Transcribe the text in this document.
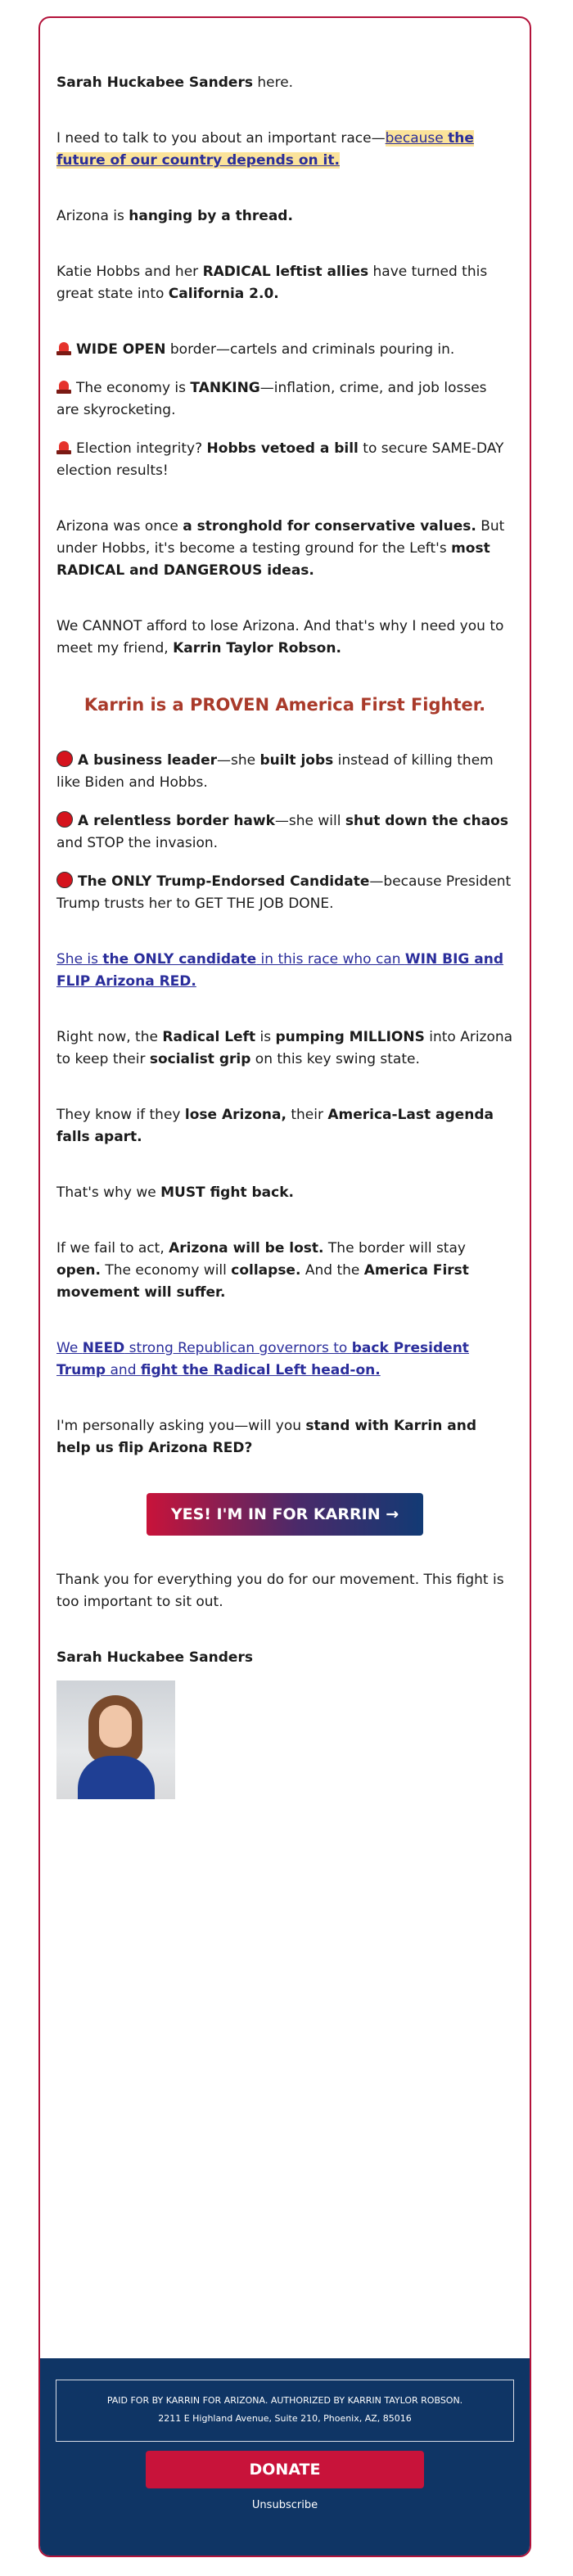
Sarah Huckabee Sanders here.

I need to talk to you about an important race—because the future of our country depends on it.

Arizona is hanging by a thread.

Katie Hobbs and her RADICAL leftist allies have turned this great state into California 2.0.

WIDE OPEN border—cartels and criminals pouring in.

The economy is TANKING—inflation, crime, and job losses are skyrocketing.

Election integrity? Hobbs vetoed a bill to secure SAME-DAY election results!

Arizona was once a stronghold for conservative values. But under Hobbs, it's become a testing ground for the Left's most RADICAL and DANGEROUS ideas.

We CANNOT afford to lose Arizona. And that's why I need you to meet my friend, Karrin Taylor Robson.

Karrin is a PROVEN America First Fighter.

A business leader—she built jobs instead of killing them like Biden and Hobbs.

A relentless border hawk—she will shut down the chaos and STOP the invasion.

The ONLY Trump-Endorsed Candidate—because President Trump trusts her to GET THE JOB DONE.

She is the ONLY candidate in this race who can WIN BIG and FLIP Arizona RED.

Right now, the Radical Left is pumping MILLIONS into Arizona to keep their socialist grip on this key swing state.

They know if they lose Arizona, their America-Last agenda falls apart.

That's why we MUST fight back.

If we fail to act, Arizona will be lost. The border will stay open. The economy will collapse. And the America First movement will suffer.

We NEED strong Republican governors to back President Trump and fight the Radical Left head-on.

I'm personally asking you—will you stand with Karrin and help us flip Arizona RED?

YES! I'M IN FOR KARRIN →

Thank you for everything you do for our movement. This fight is too important to sit out.

Sarah Huckabee Sanders

PAID FOR BY KARRIN FOR ARIZONA. AUTHORIZED BY KARRIN TAYLOR ROBSON.
2211 E Highland Avenue, Suite 210, Phoenix, AZ, 85016
DONATE
Unsubscribe
